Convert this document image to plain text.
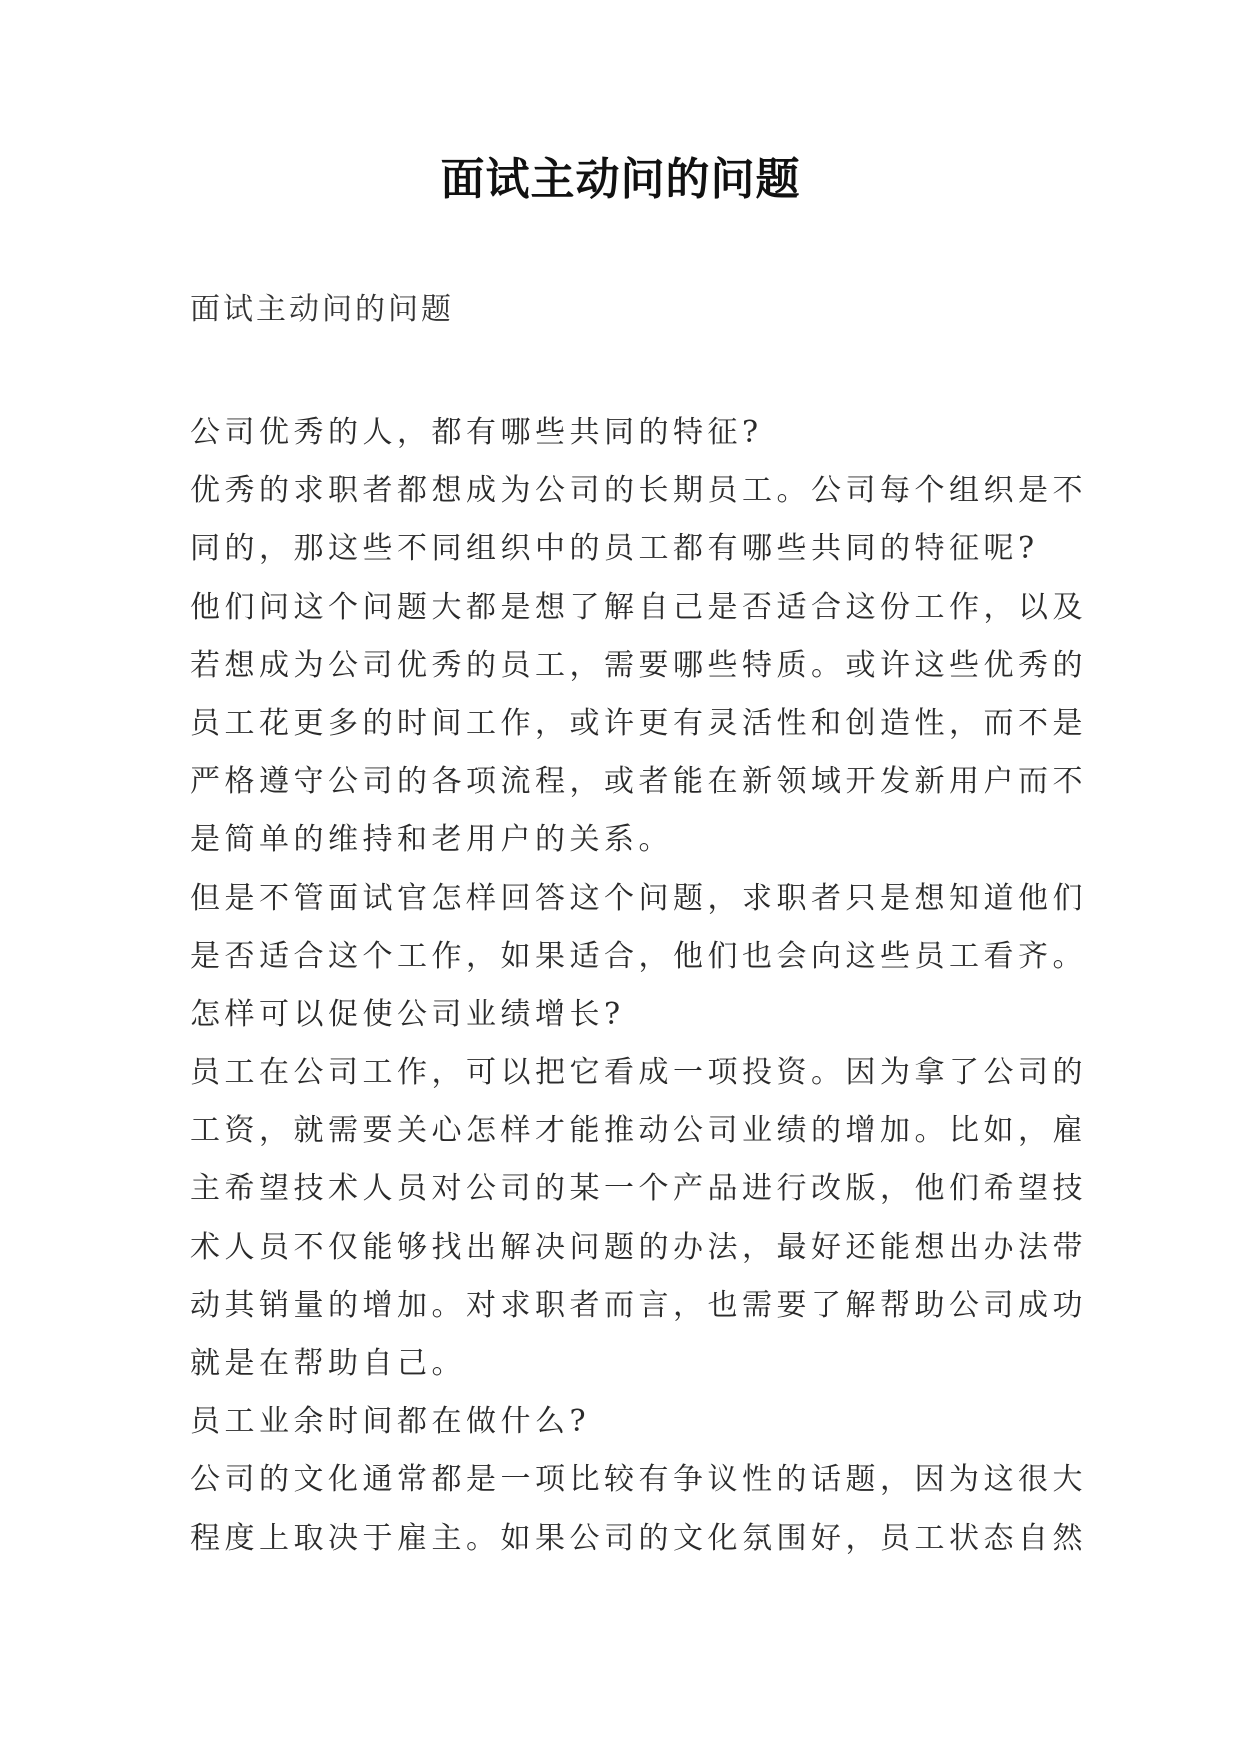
面试主动问的问题
面试主动问的问题
公司优秀的人，都有哪些共同的特征?
优秀的求职者都想成为公司的长期员工。公司每个组织是不
同的，那这些不同组织中的员工都有哪些共同的特征呢?
他们问这个问题大都是想了解自己是否适合这份工作，以及
若想成为公司优秀的员工，需要哪些特质。或许这些优秀的
员工花更多的时间工作，或许更有灵活性和创造性，而不是
严格遵守公司的各项流程，或者能在新领域开发新用户而不
是简单的维持和老用户的关系。
但是不管面试官怎样回答这个问题，求职者只是想知道他们
是否适合这个工作，如果适合，他们也会向这些员工看齐。
怎样可以促使公司业绩增长?
员工在公司工作，可以把它看成一项投资。因为拿了公司的
工资，就需要关心怎样才能推动公司业绩的增加。比如，雇
主希望技术人员对公司的某一个产品进行改版，他们希望技
术人员不仅能够找出解决问题的办法，最好还能想出办法带
动其销量的增加。对求职者而言，也需要了解帮助公司成功
就是在帮助自己。
员工业余时间都在做什么?
公司的文化通常都是一项比较有争议性的话题，因为这很大
程度上取决于雇主。如果公司的文化氛围好，员工状态自然
